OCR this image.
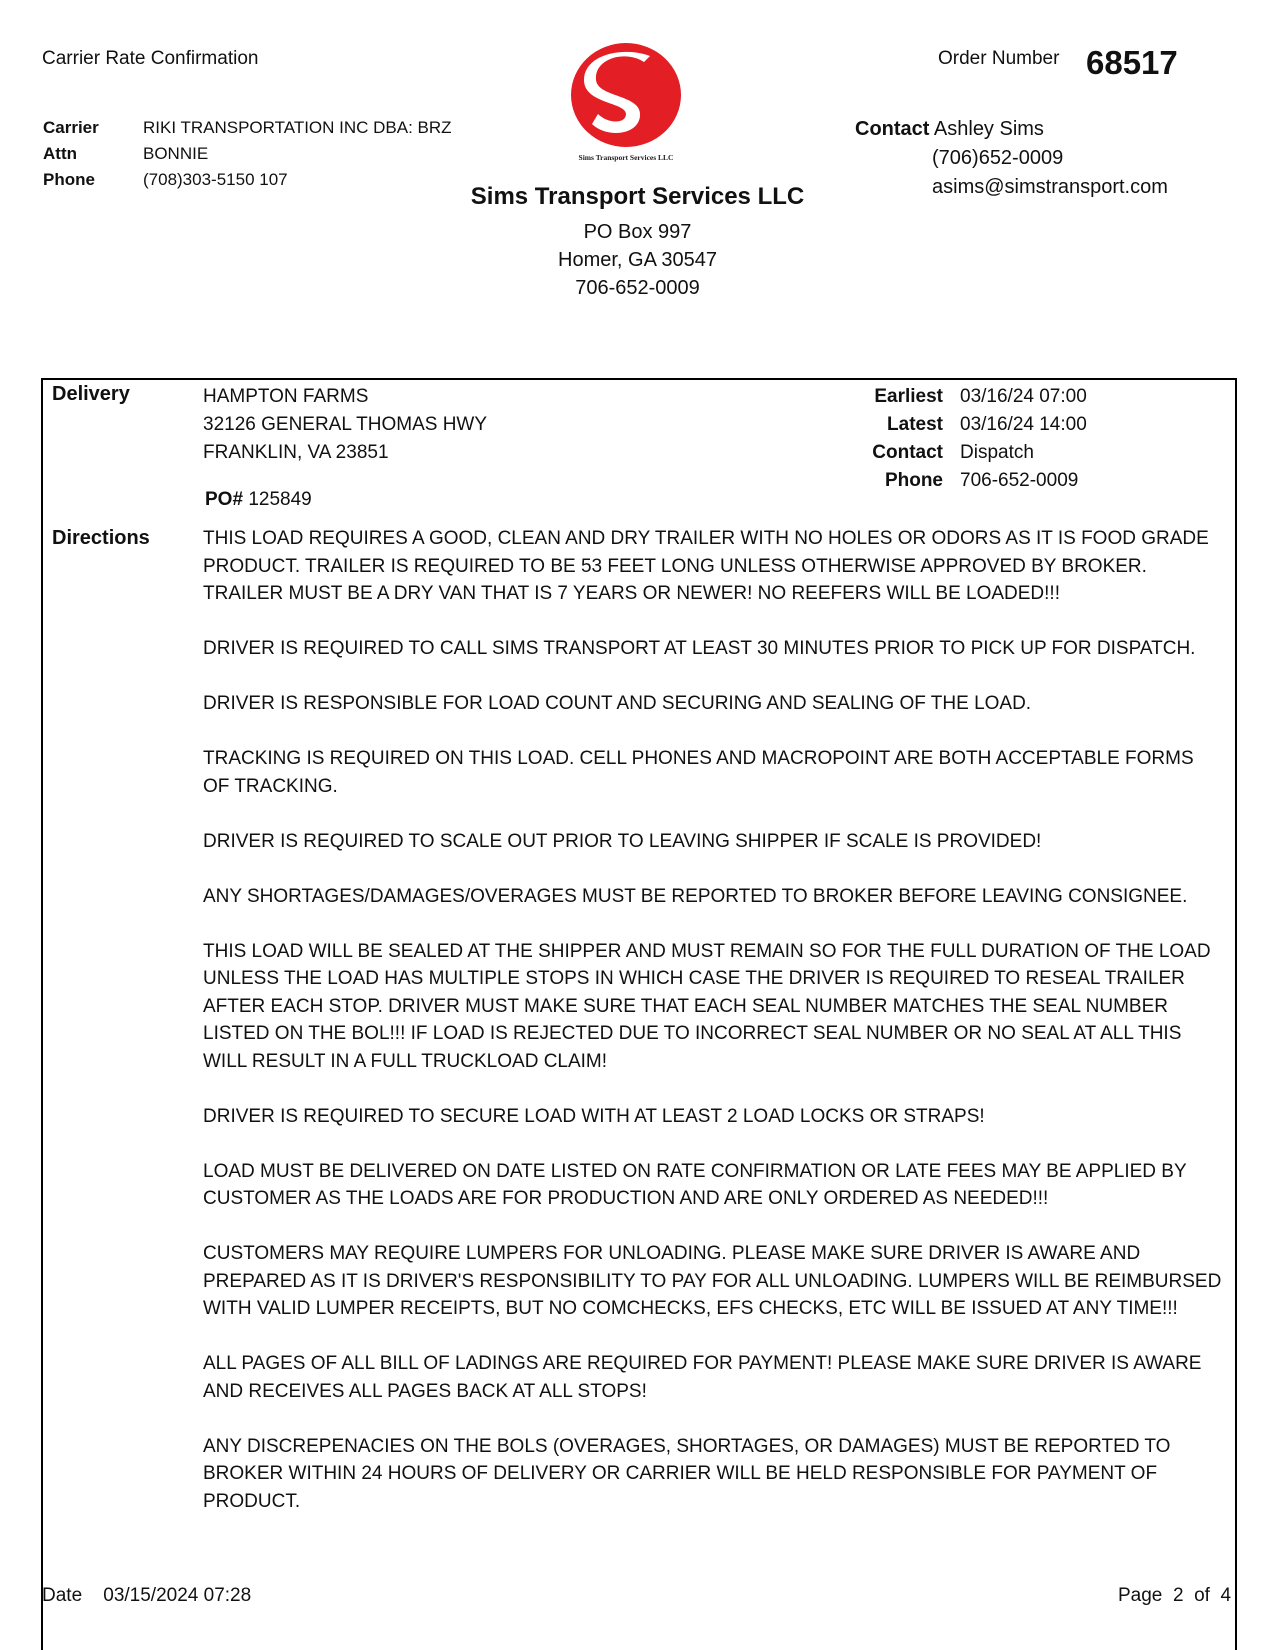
Carrier Rate Confirmation	Order Number 68517
Carrier	RIKI TRANSPORTATION INC DBA: BRZ
Attn	BONNIE
Phone	(708)303-5150 107
Sims Transport Services LLC
Sims Transport Services LLC
PO Box 997
Homer, GA 30547
706-652-0009
Contact Ashley Sims
(706)652-0009
asims@simstransport.com
Delivery	HAMPTON FARMS
32126 GENERAL THOMAS HWY
FRANKLIN, VA 23851
Earliest 03/16/24 07:00
Latest 03/16/24 14:00
Contact Dispatch
Phone 706-652-0009
PO# 125849
Directions	THIS LOAD REQUIRES A GOOD, CLEAN AND DRY TRAILER WITH NO HOLES OR ODORS AS IT IS FOOD GRADE PRODUCT. TRAILER IS REQUIRED TO BE 53 FEET LONG UNLESS OTHERWISE APPROVED BY BROKER. TRAILER MUST BE A DRY VAN THAT IS 7 YEARS OR NEWER! NO REEFERS WILL BE LOADED!!!

DRIVER IS REQUIRED TO CALL SIMS TRANSPORT AT LEAST 30 MINUTES PRIOR TO PICK UP FOR DISPATCH.

DRIVER IS RESPONSIBLE FOR LOAD COUNT AND SECURING AND SEALING OF THE LOAD.

TRACKING IS REQUIRED ON THIS LOAD. CELL PHONES AND MACROPOINT ARE BOTH ACCEPTABLE FORMS OF TRACKING.

DRIVER IS REQUIRED TO SCALE OUT PRIOR TO LEAVING SHIPPER IF SCALE IS PROVIDED!

ANY SHORTAGES/DAMAGES/OVERAGES MUST BE REPORTED TO BROKER BEFORE LEAVING CONSIGNEE.

THIS LOAD WILL BE SEALED AT THE SHIPPER AND MUST REMAIN SO FOR THE FULL DURATION OF THE LOAD UNLESS THE LOAD HAS MULTIPLE STOPS IN WHICH CASE THE DRIVER IS REQUIRED TO RESEAL TRAILER AFTER EACH STOP. DRIVER MUST MAKE SURE THAT EACH SEAL NUMBER MATCHES THE SEAL NUMBER LISTED ON THE BOL!!! IF LOAD IS REJECTED DUE TO INCORRECT SEAL NUMBER OR NO SEAL AT ALL THIS WILL RESULT IN A FULL TRUCKLOAD CLAIM!

DRIVER IS REQUIRED TO SECURE LOAD WITH AT LEAST 2 LOAD LOCKS OR STRAPS!

LOAD MUST BE DELIVERED ON DATE LISTED ON RATE CONFIRMATION OR LATE FEES MAY BE APPLIED BY CUSTOMER AS THE LOADS ARE FOR PRODUCTION AND ARE ONLY ORDERED AS NEEDED!!!

CUSTOMERS MAY REQUIRE LUMPERS FOR UNLOADING. PLEASE MAKE SURE DRIVER IS AWARE AND PREPARED AS IT IS DRIVER'S RESPONSIBILITY TO PAY FOR ALL UNLOADING. LUMPERS WILL BE REIMBURSED WITH VALID LUMPER RECEIPTS, BUT NO COMCHECKS, EFS CHECKS, ETC WILL BE ISSUED AT ANY TIME!!!

ALL PAGES OF ALL BILL OF LADINGS ARE REQUIRED FOR PAYMENT! PLEASE MAKE SURE DRIVER IS AWARE AND RECEIVES ALL PAGES BACK AT ALL STOPS!

ANY DISCREPENACIES ON THE BOLS (OVERAGES, SHORTAGES, OR DAMAGES) MUST BE REPORTED TO BROKER WITHIN 24 HOURS OF DELIVERY OR CARRIER WILL BE HELD RESPONSIBLE FOR PAYMENT OF PRODUCT.

Date 03/15/2024 07:28	Page 2 of 4
